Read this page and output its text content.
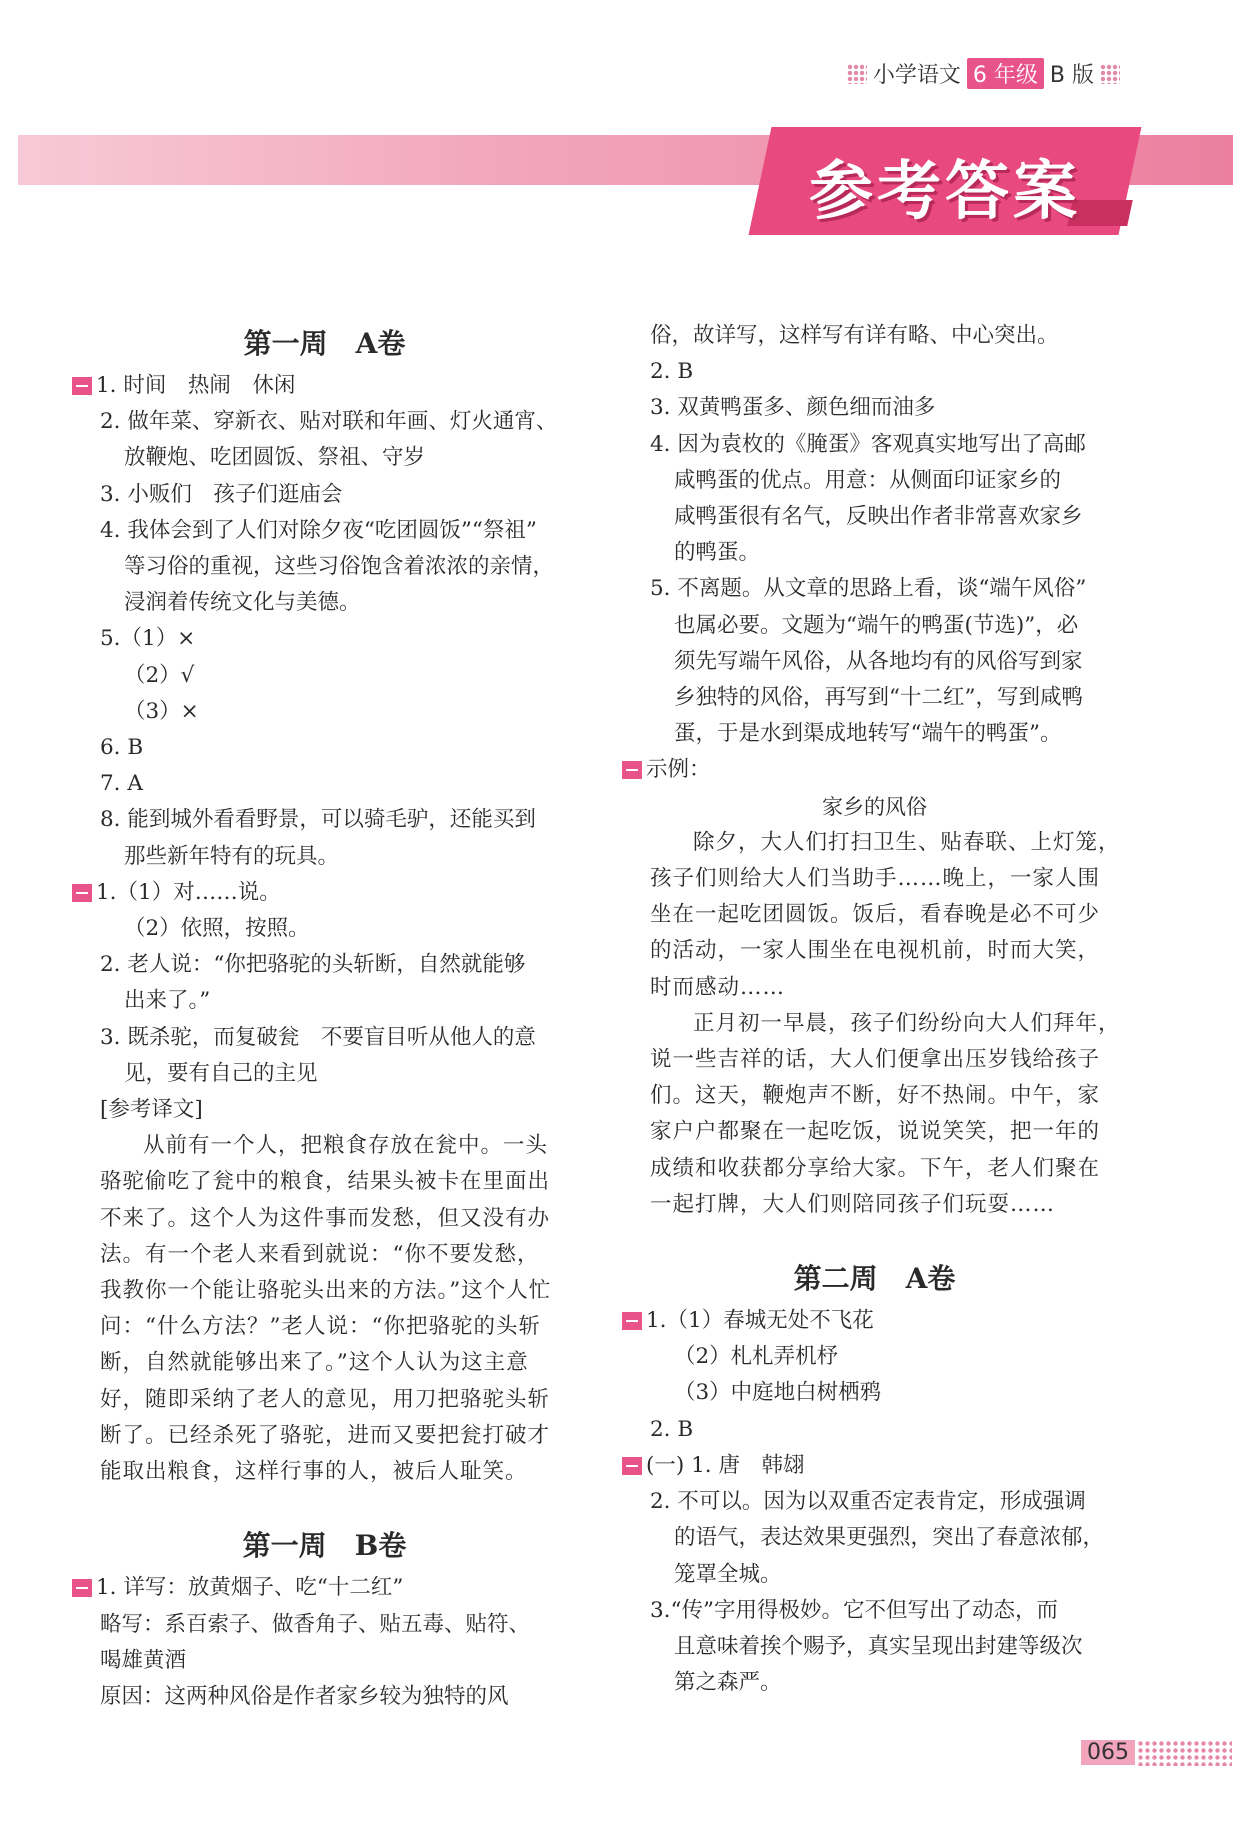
小学语文 6 年级 B 版
参考答案
第一周　A卷
1. 时间　热闹　休闲
2. 做年菜、穿新衣、贴对联和年画、灯火通宵、
放鞭炮、吃团圆饭、祭祖、守岁
3. 小贩们　孩子们逛庙会
4. 我体会到了人们对除夕夜“吃团圆饭”“祭祖”
等习俗的重视，这些习俗饱含着浓浓的亲情，
浸润着传统文化与美德。
5.（1）×
（2）√
（3）×
6. B
7. A
8. 能到城外看看野景，可以骑毛驴，还能买到
那些新年特有的玩具。
1.（1）对……说。
（2）依照，按照。
2. 老人说：“你把骆驼的头斩断，自然就能够
出来了。”
3. 既杀驼，而复破瓮　不要盲目听从他人的意
见，要有自己的主见
[参考译文]
从前有一个人，把粮食存放在瓮中。一头
骆驼偷吃了瓮中的粮食，结果头被卡在里面出
不来了。这个人为这件事而发愁，但又没有办
法。有一个老人来看到就说：“你不要发愁，
我教你一个能让骆驼头出来的方法。”这个人忙
问：“什么方法？”老人说：“你把骆驼的头斩
断，自然就能够出来了。”这个人认为这主意
好，随即采纳了老人的意见，用刀把骆驼头斩
断了。已经杀死了骆驼，进而又要把瓮打破才
能取出粮食，这样行事的人，被后人耻笑。
第一周　B卷
1. 详写：放黄烟子、吃“十二红”
略写：系百索子、做香角子、贴五毒、贴符、
喝雄黄酒
原因：这两种风俗是作者家乡较为独特的风
俗，故详写，这样写有详有略、中心突出。
2. B
3. 双黄鸭蛋多、颜色细而油多
4. 因为袁枚的《腌蛋》客观真实地写出了高邮
咸鸭蛋的优点。用意：从侧面印证家乡的
咸鸭蛋很有名气，反映出作者非常喜欢家乡
的鸭蛋。
5. 不离题。从文章的思路上看，谈“端午风俗”
也属必要。文题为“端午的鸭蛋(节选)”，必
须先写端午风俗，从各地均有的风俗写到家
乡独特的风俗，再写到“十二红”，写到咸鸭
蛋，于是水到渠成地转写“端午的鸭蛋”。
示例：
家乡的风俗
除夕，大人们打扫卫生、贴春联、上灯笼，
孩子们则给大人们当助手……晚上，一家人围
坐在一起吃团圆饭。饭后，看春晚是必不可少
的活动，一家人围坐在电视机前，时而大笑，
时而感动……
正月初一早晨，孩子们纷纷向大人们拜年，
说一些吉祥的话，大人们便拿出压岁钱给孩子
们。这天，鞭炮声不断，好不热闹。中午，家
家户户都聚在一起吃饭，说说笑笑，把一年的
成绩和收获都分享给大家。下午，老人们聚在
一起打牌，大人们则陪同孩子们玩耍……
第二周　A卷
1.（1）春城无处不飞花
（2）札札弄机杼
（3）中庭地白树栖鸦
2. B
(一) 1. 唐　韩翃
2. 不可以。因为以双重否定表肯定，形成强调
的语气，表达效果更强烈，突出了春意浓郁，
笼罩全城。
3.“传”字用得极妙。它不但写出了动态，而
且意味着挨个赐予，真实呈现出封建等级次
第之森严。
065
